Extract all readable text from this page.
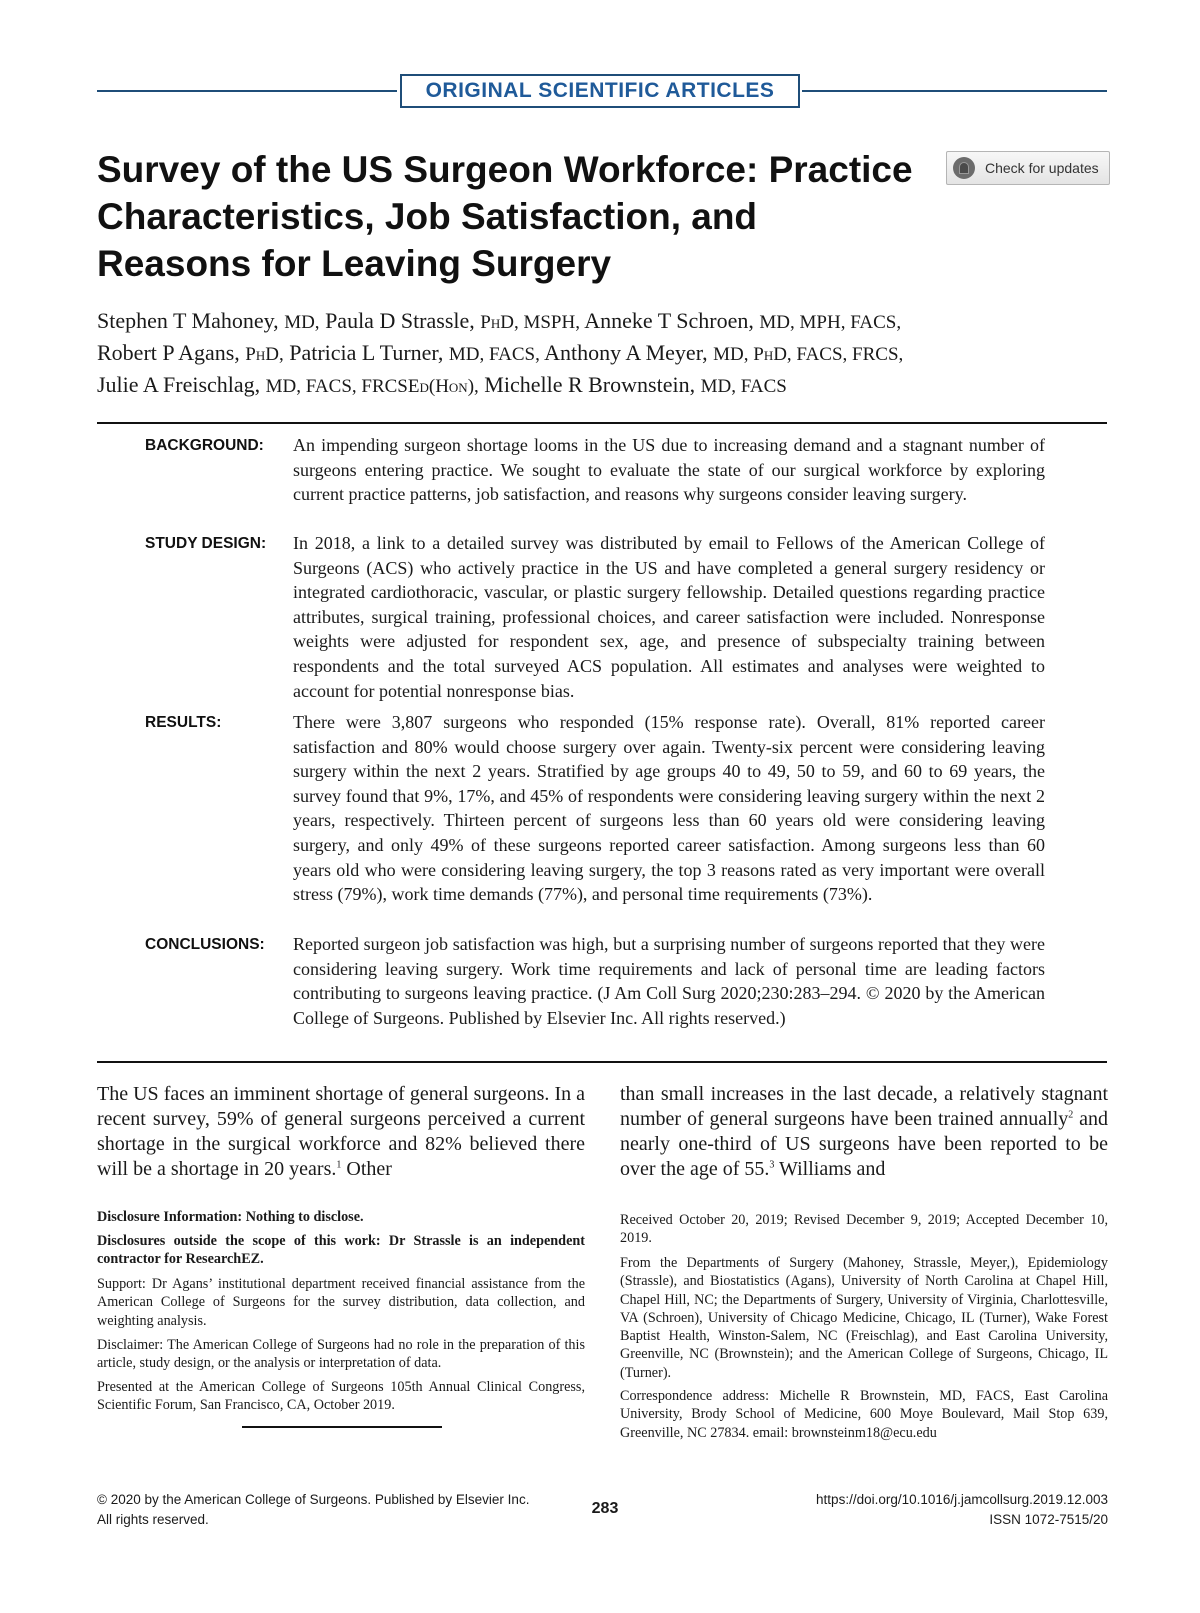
ORIGINAL SCIENTIFIC ARTICLES
Survey of the US Surgeon Workforce: Practice Characteristics, Job Satisfaction, and Reasons for Leaving Surgery
Check for updates

Stephen T Mahoney, MD, Paula D Strassle, PhD, MSPH, Anneke T Schroen, MD, MPH, FACS,
Robert P Agans, PhD, Patricia L Turner, MD, FACS, Anthony A Meyer, MD, PhD, FACS, FRCS,
Julie A Freischlag, MD, FACS, FRCSEd(Hon), Michelle R Brownstein, MD, FACS

BACKGROUND: An impending surgeon shortage looms in the US due to increasing demand and a stagnant number of surgeons entering practice. We sought to evaluate the state of our surgical workforce by exploring current practice patterns, job satisfaction, and reasons why surgeons consider leaving surgery.

STUDY DESIGN: In 2018, a link to a detailed survey was distributed by email to Fellows of the American College of Surgeons (ACS) who actively practice in the US and have completed a general surgery residency or integrated cardiothoracic, vascular, or plastic surgery fellowship. Detailed questions regarding practice attributes, surgical training, professional choices, and career satisfaction were included. Nonresponse weights were adjusted for respondent sex, age, and presence of subspecialty training between respondents and the total surveyed ACS population. All estimates and analyses were weighted to account for potential nonresponse bias.

RESULTS:	There were 3,807 surgeons who responded (15% response rate). Overall, 81% reported career satisfaction and 80% would choose surgery over again. Twenty-six percent were considering leaving surgery within the next 2 years. Stratified by age groups 40 to 49, 50 to 59, and 60 to 69 years, the survey found that 9%, 17%, and 45% of respondents were considering leaving surgery within the next 2 years, respectively. Thirteen percent of surgeons less than 60 years old were considering leaving surgery, and only 49% of these surgeons reported career satisfaction. Among surgeons less than 60 years old who were considering leaving surgery, the top 3 reasons rated as very important were overall stress (79%), work time demands (77%), and personal time requirements (73%).

CONCLUSIONS: Reported surgeon job satisfaction was high, but a surprising number of surgeons reported that they were considering leaving surgery. Work time requirements and lack of personal time are leading factors contributing to surgeons leaving practice. (J Am Coll Surg 2020;230:283–294. © 2020 by the American College of Surgeons. Published by Elsevier Inc. All rights reserved.)

The US faces an imminent shortage of general surgeons. In a recent survey, 59% of general surgeons perceived a current shortage in the surgical workforce and 82% believed there will be a shortage in 20 years.$^1$ Other

than small increases in the last decade, a relatively stagnant number of general surgeons have been trained annually$^2$ and nearly one-third of US surgeons have been reported to be over the age of 55.$^3$ Williams and

Disclosure Information: Nothing to disclose.

Disclosures outside the scope of this work: Dr Strassle is an independent contractor for ResearchEZ.

Support: Dr Agans’ institutional department received financial assistance from the American College of Surgeons for the survey distribution, data collection, and weighting analysis.

Disclaimer: The American College of Surgeons had no role in the preparation of this article, study design, or the analysis or interpretation of data.

Presented at the American College of Surgeons 105th Annual Clinical Congress, Scientific Forum, San Francisco, CA, October 2019.

Received October 20, 2019; Revised December 9, 2019; Accepted December 10, 2019.

From the Departments of Surgery (Mahoney, Strassle, Meyer,), Epidemiology (Strassle), and Biostatistics (Agans), University of North Carolina at Chapel Hill, Chapel Hill, NC; the Departments of Surgery, University of Virginia, Charlottesville, VA (Schroen), University of Chicago Medicine, Chicago, IL (Turner), Wake Forest Baptist Health, Winston-Salem, NC (Freischlag), and East Carolina University, Greenville, NC (Brownstein); and the American College of Surgeons, Chicago, IL (Turner).

Correspondence address: Michelle R Brownstein, MD, FACS, East Carolina University, Brody School of Medicine, 600 Moye Boulevard, Mail Stop 639, Greenville, NC 27834. email: brownsteinm18@ecu.edu

© 2020 by the American College of Surgeons. Published by Elsevier Inc.
All rights reserved.

283

https://doi.org/10.1016/j.jamcollsurg.2019.12.003
ISSN 1072-7515/20
